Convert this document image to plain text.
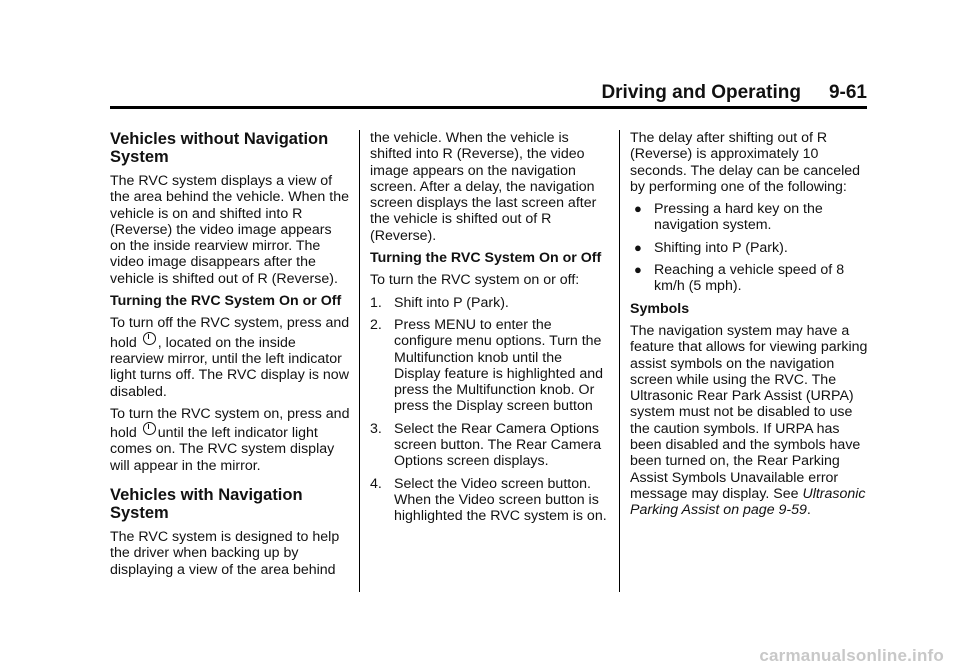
Driving and Operating 9-61
Vehicles without Navigation System

The RVC system displays a view of the area behind the vehicle. When the vehicle is on and shifted into R (Reverse) the video image appears on the inside rearview mirror. The video image disappears after the vehicle is shifted out of R (Reverse).

Turning the RVC System On or Off

To turn off the RVC system, press and hold , located on the inside rearview mirror, until the left indicator light turns off. The RVC display is now disabled.

To turn the RVC system on, press and hold until the left indicator light comes on. The RVC system display will appear in the mirror.

Vehicles with Navigation System

The RVC system is designed to help the driver when backing up by displaying a view of the area behind

the vehicle. When the vehicle is shifted into R (Reverse), the video image appears on the navigation screen. After a delay, the navigation screen displays the last screen after the vehicle is shifted out of R (Reverse).

Turning the RVC System On or Off

To turn the RVC system on or off:

1. Shift into P (Park).
2. Press MENU to enter the configure menu options. Turn the Multifunction knob until the Display feature is highlighted and press the Multifunction knob. Or press the Display screen button
3. Select the Rear Camera Options screen button. The Rear Camera Options screen displays.
4. Select the Video screen button. When the Video screen button is highlighted the RVC system is on.

The delay after shifting out of R (Reverse) is approximately 10 seconds. The delay can be canceled by performing one of the following:

● Pressing a hard key on the navigation system.
● Shifting into P (Park).
● Reaching a vehicle speed of 8 km/h (5 mph).
Symbols

The navigation system may have a feature that allows for viewing parking assist symbols on the navigation screen while using the RVC. The Ultrasonic Rear Park Assist (URPA) system must not be disabled to use the caution symbols. If URPA has been disabled and the symbols have been turned on, the Rear Parking Assist Symbols Unavailable error message may display. See Ultrasonic Parking Assist on page 9-59.

carmanualsonline.info
